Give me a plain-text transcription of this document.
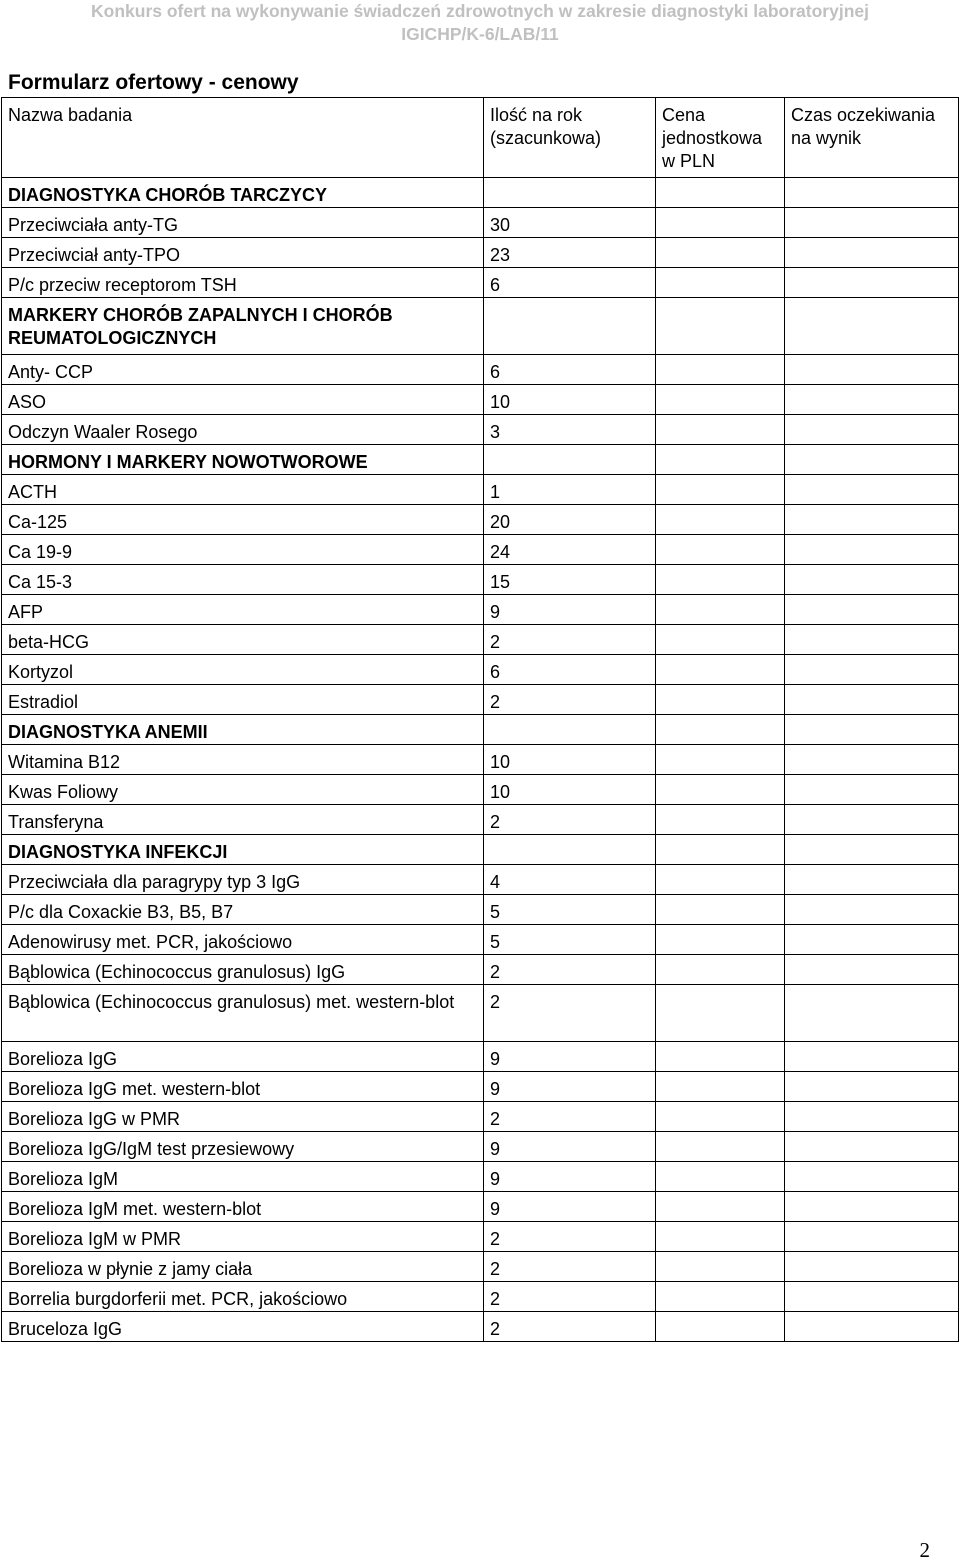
Konkurs ofert na wykonywanie świadczeń zdrowotnych w zakresie diagnostyki laboratoryjnej
IGICHP/K-6/LAB/11
Formularz ofertowy - cenowy
Nazwa badania	Ilość na rok (szacunkowa)	Cena jednostkowa w PLN	Czas oczekiwania na wynik
DIAGNOSTYKA CHORÓB TARCZYCY			
Przeciwciała anty-TG	30		
Przeciwciał anty-TPO	23		
P/c przeciw receptorom TSH	6		
MARKERY CHORÓB ZAPALNYCH I CHORÓB REUMATOLOGICZNYCH			
Anty- CCP	6		
ASO	10		
Odczyn Waaler Rosego	3		
HORMONY I MARKERY NOWOTWOROWE			
ACTH	1		
Ca-125	20		
Ca 19-9	24		
Ca 15-3	15		
AFP	9		
beta-HCG	2		
Kortyzol	6		
Estradiol	2		
DIAGNOSTYKA ANEMII			
Witamina B12	10		
Kwas Foliowy	10		
Transferyna	2		
DIAGNOSTYKA INFEKCJI			
Przeciwciała dla paragrypy typ 3 IgG	4		
P/c dla Coxackie B3, B5, B7	5		
Adenowirusy met. PCR, jakościowo	5		
Bąblowica (Echinococcus granulosus) IgG	2		
Bąblowica (Echinococcus granulosus) met. western-blot	2		
Borelioza IgG	9		
Borelioza IgG met. western-blot	9		
Borelioza IgG w PMR	2		
Borelioza IgG/IgM test przesiewowy	9		
Borelioza IgM	9		
Borelioza IgM met. western-blot	9		
Borelioza IgM w PMR	2		
Borelioza w płynie z jamy ciała	2		
Borrelia burgdorferii met. PCR, jakościowo	2		
Bruceloza IgG	2		
2
